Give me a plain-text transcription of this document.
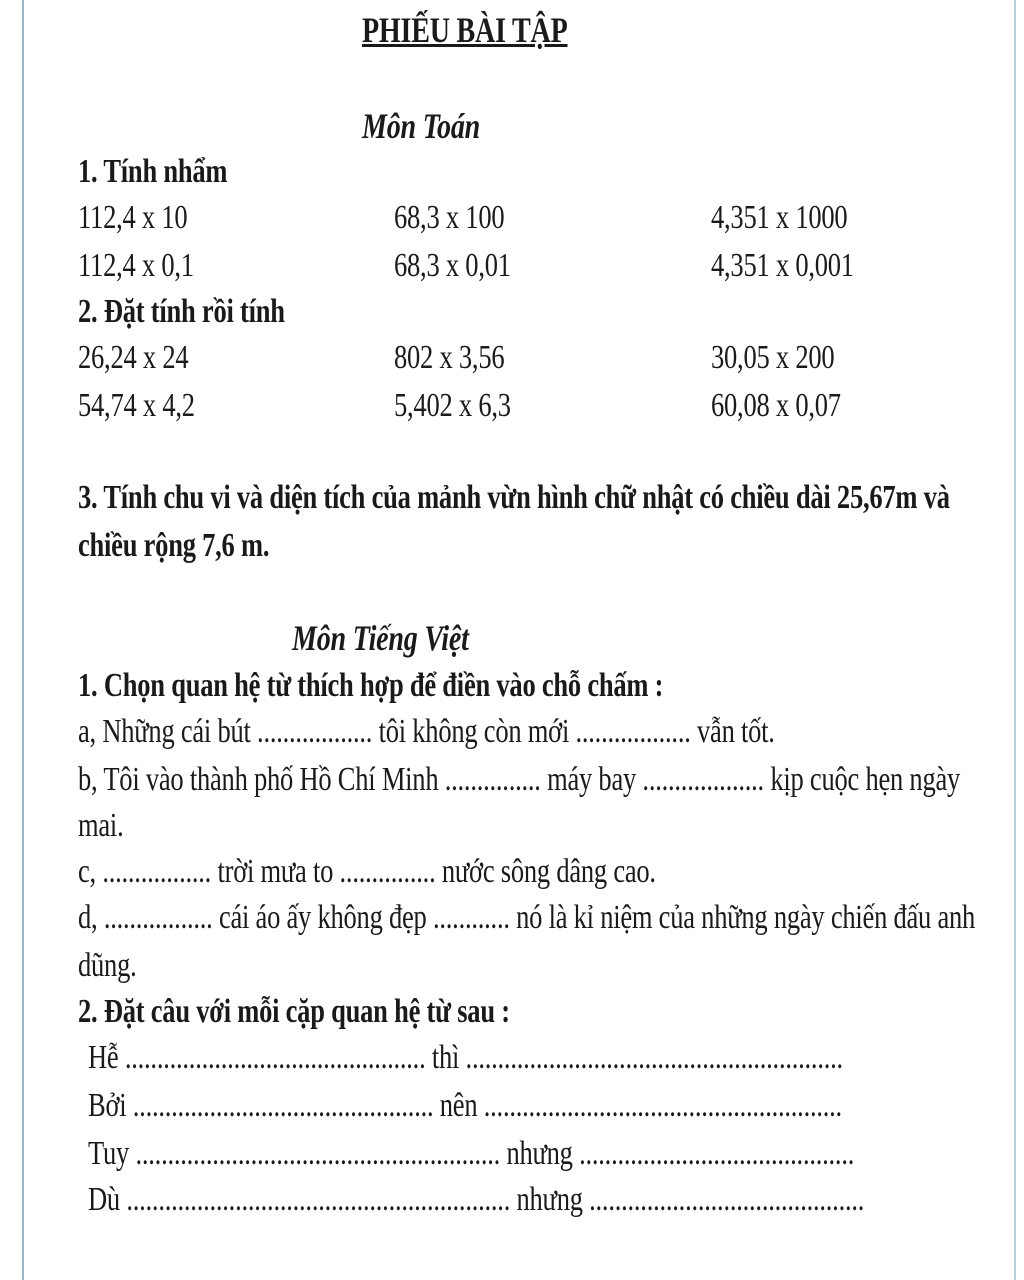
PHIẾU BÀI TẬP
Môn Toán
1. Tính nhẩm
112,4 x 10	68,3 x 100	4,351 x 1000
112,4 x 0,1	68,3 x 0,01	4,351 x 0,001
2. Đặt tính rồi tính
26,24 x 24	802 x 3,56	30,05 x 200
54,74 x 4,2	5,402 x 6,3	60,08 x 0,07
3. Tính chu vi và diện tích của mảnh vừn hình chữ nhật có chiều dài 25,67m và
chiều rộng 7,6 m.
Môn Tiếng Việt
1. Chọn quan hệ từ thích hợp để điền vào chỗ chấm :
a, Những cái bút .................. tôi không còn mới .................. vẫn tốt.
b, Tôi vào thành phố Hồ Chí Minh ............... máy bay ................... kịp cuộc hẹn ngày
mai.
c, ................. trời mưa to ............... nước sông dâng cao.
d, ................. cái áo ấy không đẹp ............ nó là kỉ niệm của những ngày chiến đấu anh
dũng.
2. Đặt câu với mỗi cặp quan hệ từ sau :
Hễ ............................................... thì ...........................................................
Bởi ............................................... nên ........................................................
Tuy ......................................................... nhưng ...........................................
Dù ............................................................ nhưng ...........................................
